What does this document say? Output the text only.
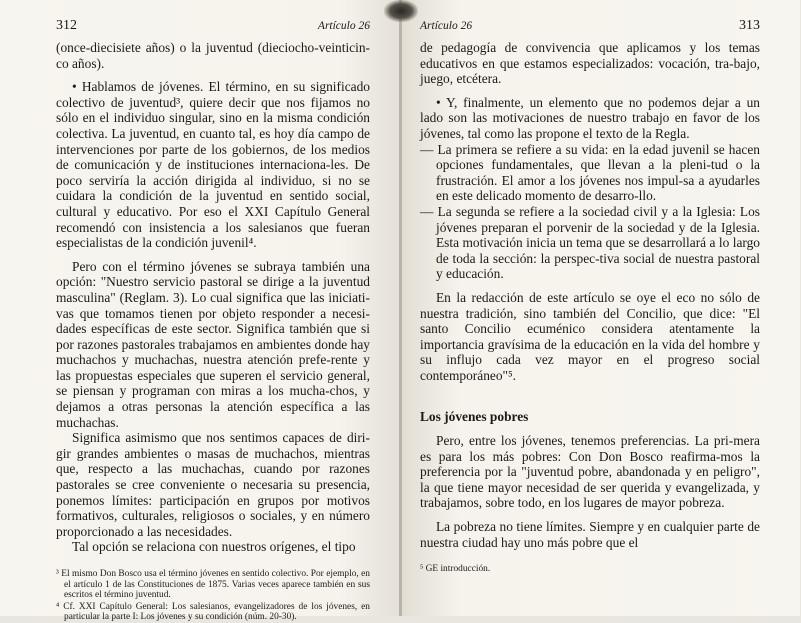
312	Artículo 26

(once-diecisiete años) o la juventud (dieciocho-veinticin-co años).

• Hablamos de jóvenes. El término, en su significado colectivo de juventud³, quiere decir que nos fijamos no sólo en el individuo singular, sino en la misma condición colectiva. La juventud, en cuanto tal, es hoy día campo de intervenciones por parte de los gobiernos, de los medios de comunicación y de instituciones internaciona-les. De poco serviría la acción dirigida al individuo, si no se cuidara la condición de la juventud en sentido social, cultural y educativo. Por eso el XXI Capítulo General recomendó con insistencia a los salesianos que fueran especialistas de la condición juvenil⁴.

Pero con el término jóvenes se subraya también una opción: "Nuestro servicio pastoral se dirige a la juventud masculina" (Reglam. 3). Lo cual significa que las iniciati-vas que tomamos tienen por objeto responder a necesi-dades específicas de este sector. Significa también que si por razones pastorales trabajamos en ambientes donde hay muchachos y muchachas, nuestra atención prefe-rente y las propuestas especiales que superen el servicio general, se piensan y programan con miras a los mucha-chos, y dejamos a otras personas la atención específica a las muchachas.

Significa asimismo que nos sentimos capaces de diri-gir grandes ambientes o masas de muchachos, mientras que, respecto a las muchachas, cuando por razones pastorales se cree conveniente o necesaria su presencia, ponemos límites: participación en grupos por motivos formativos, culturales, religiosos o sociales, y en número proporcionado a las necesidades.

Tal opción se relaciona con nuestros orígenes, el tipo

³ El mismo Don Bosco usa el término jóvenes en sentido colectivo. Por ejemplo, en el artículo 1 de las Constituciones de 1875. Varias veces aparece también en sus escritos el término juventud.

⁴ Cf. XXI Capítulo General: Los salesianos, evangelizadores de los jóvenes, en particular la parte I: Los jóvenes y su condición (núm. 20-30).

Artículo 26	313

de pedagogía de convivencia que aplicamos y los temas educativos en que estamos especializados: vocación, tra-bajo, juego, etcétera.

• Y, finalmente, un elemento que no podemos dejar a un lado son las motivaciones de nuestro trabajo en favor de los jóvenes, tal como las propone el texto de la Regla.

— La primera se refiere a su vida: en la edad juvenil se hacen opciones fundamentales, que llevan a la pleni-tud o la frustración. El amor a los jóvenes nos impul-sa a ayudarles en este delicado momento de desarro-llo.

— La segunda se refiere a la sociedad civil y a la Iglesia: Los jóvenes preparan el porvenir de la sociedad y de la Iglesia. Esta motivación inicia un tema que se desarrollará a lo largo de toda la sección: la perspec-tiva social de nuestra pastoral y educación.

En la redacción de este artículo se oye el eco no sólo de nuestra tradición, sino también del Concilio, que dice: "El santo Concilio ecuménico considera atentamente la importancia gravísima de la educación en la vida del hombre y su influjo cada vez mayor en el progreso social contemporáneo"⁵.

Los jóvenes pobres

Pero, entre los jóvenes, tenemos preferencias. La pri-mera es para los más pobres: Con Don Bosco reafirma-mos la preferencia por la "juventud pobre, abandonada y en peligro", la que tiene mayor necesidad de ser querida y evangelizada, y trabajamos, sobre todo, en los lugares de mayor pobreza.

La pobreza no tiene límites. Siempre y en cualquier parte de nuestra ciudad hay uno más pobre que el

⁵ GE introducción.
